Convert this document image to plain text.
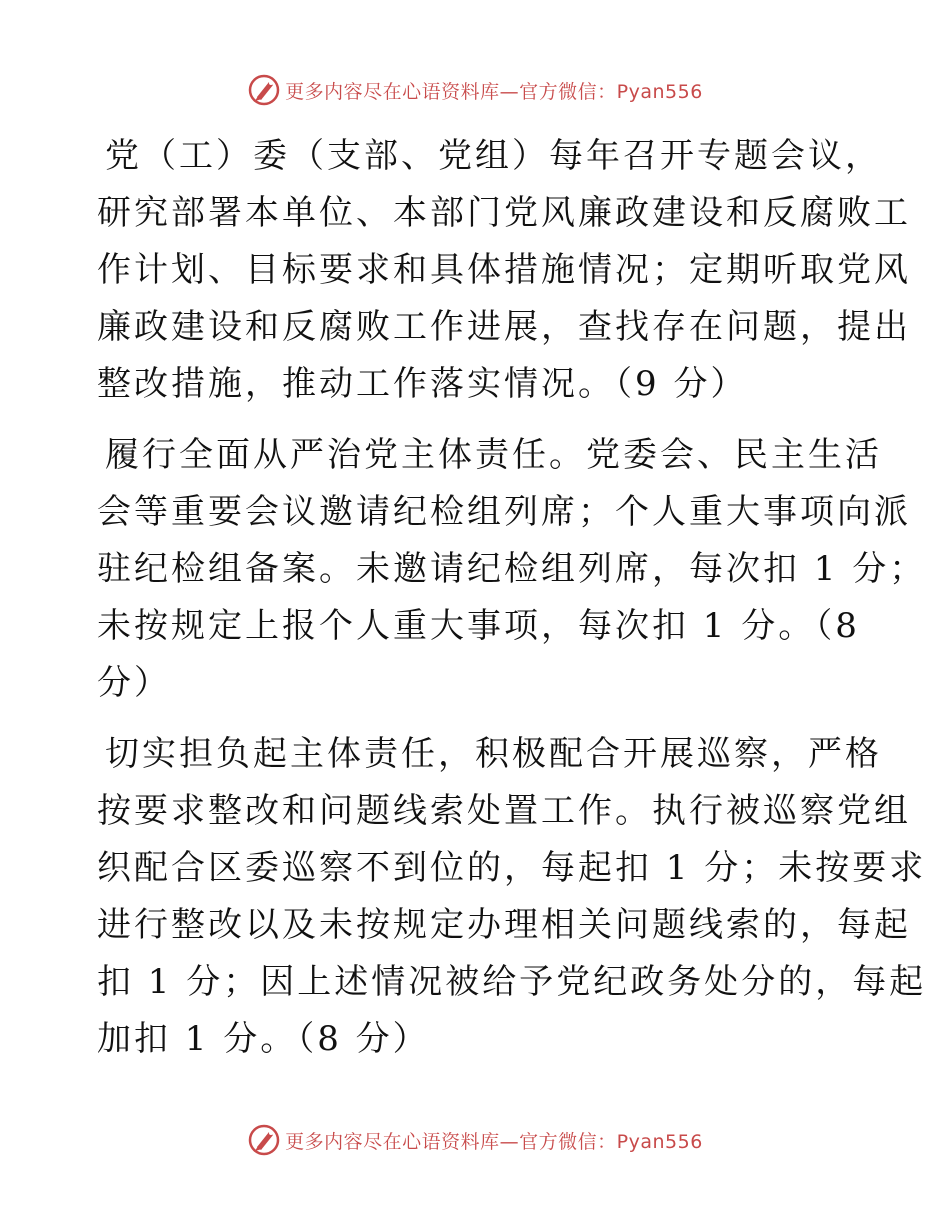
更多内容尽在心语资料库—官方微信：Pyan556
党（工）委（支部、党组）每年召开专题会议，
研究部署本单位、本部门党风廉政建设和反腐败工
作计划、目标要求和具体措施情况；定期听取党风
廉政建设和反腐败工作进展，查找存在问题，提出
整改措施，推动工作落实情况。（9 分）
履行全面从严治党主体责任。党委会、民主生活
会等重要会议邀请纪检组列席；个人重大事项向派
驻纪检组备案。未邀请纪检组列席，每次扣 1 分；
未按规定上报个人重大事项，每次扣 1 分。（8
分）
切实担负起主体责任，积极配合开展巡察，严格
按要求整改和问题线索处置工作。执行被巡察党组
织配合区委巡察不到位的，每起扣 1 分；未按要求
进行整改以及未按规定办理相关问题线索的，每起
扣 1 分；因上述情况被给予党纪政务处分的，每起
加扣 1 分。（8 分）
更多内容尽在心语资料库—官方微信：Pyan556
